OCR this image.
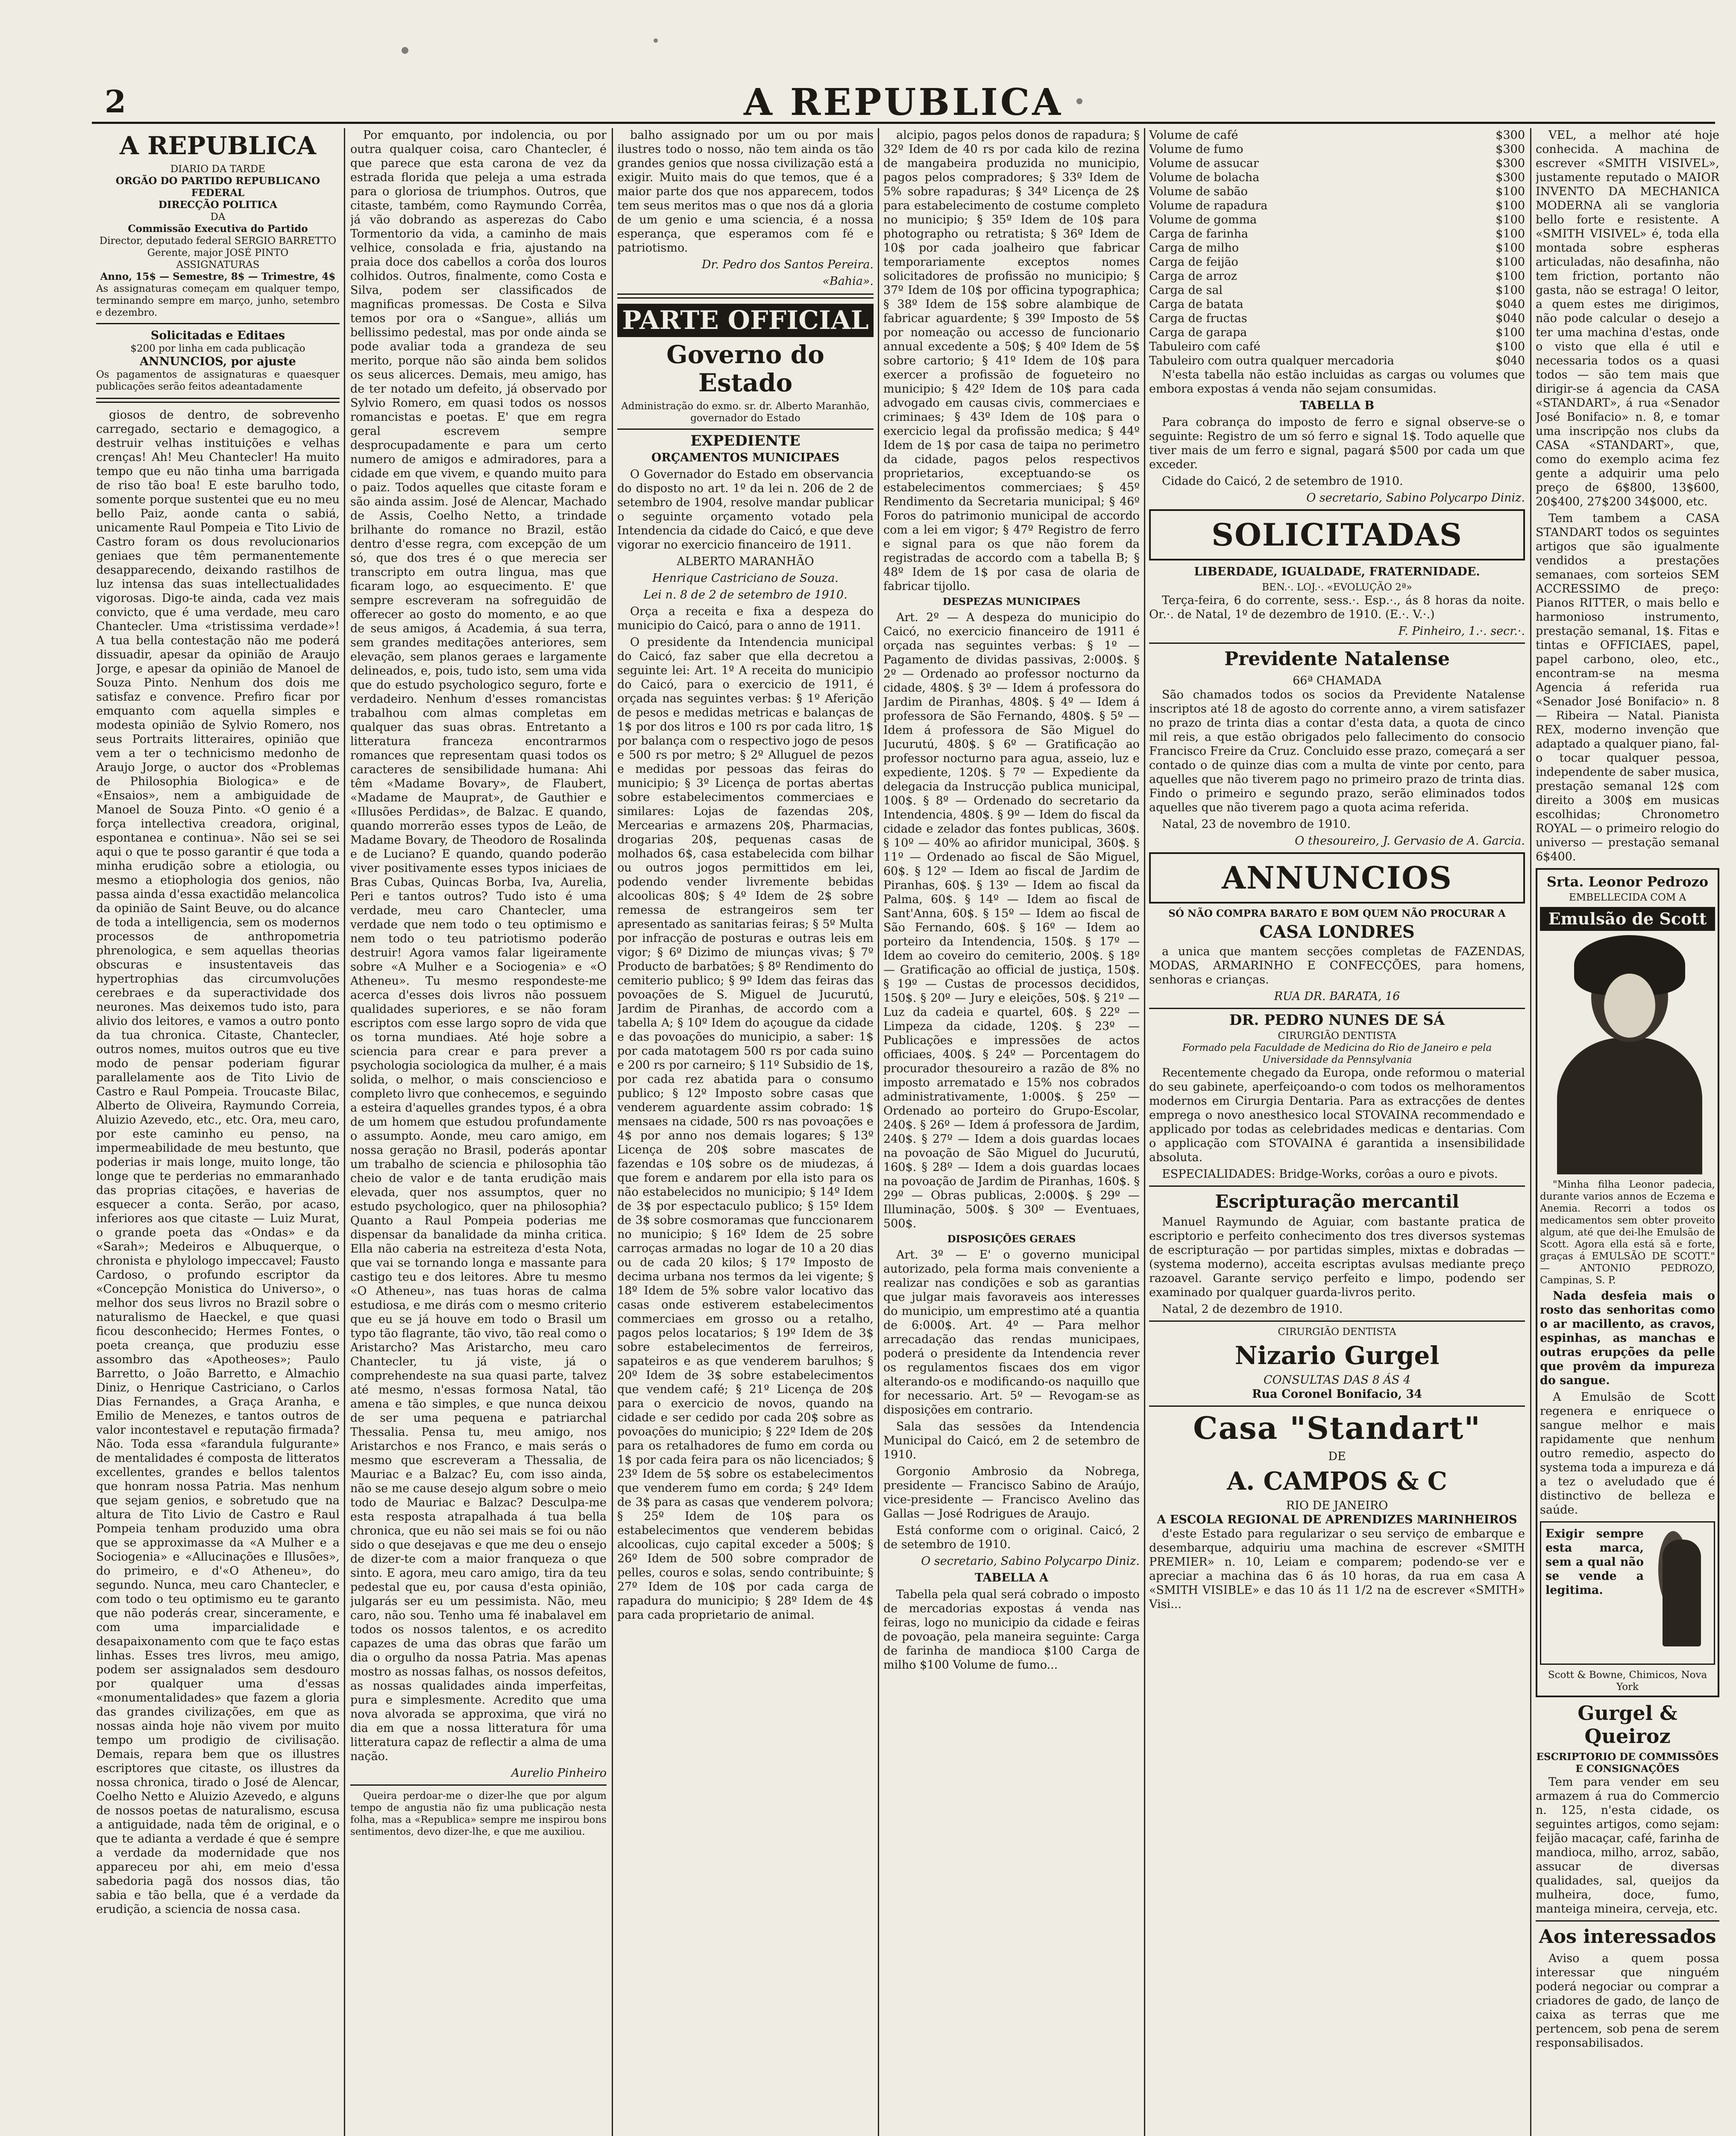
2	A REPUBLICA
A REPUBLICA
DIARIO DA TARDE
ORGÃO DO PARTIDO REPUBLICANO FEDERAL
DIRECÇÃO POLITICA
DA
Commissão Executiva do Partido
Director, deputado federal SERGIO BARRETTO
Gerente, major JOSÉ PINTO
ASSIGNATURAS
Anno, 15$ — Semestre, 8$ — Trimestre, 4$
As assignaturas começam em qualquer tempo, terminando sempre em março, junho, setembro e dezembro.
Solicitadas e Editaes
$200 por linha em cada publicação
ANNUNCIOS, por ajuste
Os pagamentos de assignaturas e quaesquer publicações serão feitos adeantadamente

giosos de dentro, de sobrevenho carregado, sectario e demagogico, a destruir velhas instituições e velhas crenças! Ah! Meu Chantecler! Ha muito tempo que eu não tinha uma barrigada de riso tão boa! E este barulho todo, somente porque sustentei que eu no meu bello Paiz, aonde canta o sabiá, unicamente Raul Pompeia e Tito Livio de Castro foram os dous revolucionarios geniaes que têm permanentemente desapparecendo, deixando rastilhos de luz intensa das suas intellectualidades vigorosas. Digo-te ainda, cada vez mais convicto, que é uma verdade, meu caro Chantecler. Uma «tristissima verdade»! A tua bella contestação não me poderá dissuadir, apesar da opinião de Araujo Jorge, e apesar da opinião de Manoel de Souza Pinto. Nenhum dos dois me satisfaz e convence. Prefiro ficar por emquanto com aquella simples e modesta opinião de Sylvio Romero, nos seus Portraits litteraires, opinião que vem a ter o technicismo medonho de Araujo Jorge, o auctor dos «Problemas de Philosophia Biologica» e de «Ensaios», nem a ambiguidade de Manoel de Souza Pinto. «O genio é a força intellectiva creadora, original, espontanea e continua». Não sei se sei aqui o que te posso garantir é que toda a minha erudição sobre a etiologia, ou mesmo a etiophologia dos genios, não passa ainda d'essa exactidão melancolica da opinião de Saint Beuve, ou do alcance de toda a intelligencia, sem os modernos processos de anthropometria phrenologica, e sem aquellas theorias obscuras e insustentaveis das hypertrophias das circumvoluções cerebraes e da superactividade dos neurones. Mas deixemos tudo isto, para alivio dos leitores, e vamos a outro ponto da tua chronica. Citaste, Chantecler, outros nomes, muitos outros que eu tive modo de pensar poderiam figurar parallelamente aos de Tito Livio de Castro e Raul Pompeia. Troucaste Bilac, Alberto de Oliveira, Raymundo Correia, Aluizio Azevedo, etc., etc. Ora, meu caro, por este caminho eu penso, na impermeabilidade de meu bestunto, que poderias ir mais longe, muito longe, tão longe que te perderias no emmaranhado das proprias citações, e haverias de esquecer a conta. Serão, por acaso, inferiores aos que citaste — Luiz Murat, o grande poeta das «Ondas» e da «Sarah»; Medeiros e Albuquerque, o chronista e phylologo impeccavel; Fausto Cardoso, o profundo escriptor da «Concepção Monistica do Universo», o melhor dos seus livros no Brazil sobre o naturalismo de Haeckel, e que quasi ficou desconhecido; Hermes Fontes, o poeta creança, que produziu esse assombro das «Apotheoses»; Paulo Barretto, o João Barretto, e Almachio Diniz, o Henrique Castriciano, o Carlos Dias Fernandes, a Graça Aranha, e Emilio de Menezes, e tantos outros de valor incontestavel e reputação firmada? Não. Toda essa «farandula fulgurante» de mentalidades é composta de litteratos excellentes, grandes e bellos talentos que honram nossa Patria. Mas nenhum que sejam genios, e sobretudo que na altura de Tito Livio de Castro e Raul Pompeia tenham produzido uma obra que se approximasse da «A Mulher e a Sociogenia» e «Allucinações e Illusões», do primeiro, e d'«O Atheneu», do segundo. Nunca, meu caro Chantecler, e com todo o teu optimismo eu te garanto que não poderás crear, sinceramente, e com uma imparcialidade e desapaixonamento com que te faço estas linhas. Esses tres livros, meu amigo, podem ser assignalados sem desdouro por qualquer uma d'essas «monumentalidades» que fazem a gloria das grandes civilizações, em que as nossas ainda hoje não vivem por muito tempo um prodigio de civilisação. Demais, repara bem que os illustres escriptores que citaste, os illustres da nossa chronica, tirado o José de Alencar, Coelho Netto e Aluizio Azevedo, e alguns de nossos poetas de naturalismo, escusa a antiguidade, nada têm de original, e o que te adianta a verdade é que é sempre a verdade da modernidade que nos appareceu por ahi, em meio d'essa sabedoria pagã dos nossos dias, tão sabia e tão bella, que é a verdade da erudição, a sciencia de nossa casa.

Por emquanto, por indolencia, ou por outra qualquer coisa, caro Chantecler, é que parece que esta carona de vez da estrada florida que peleja a uma estrada para o gloriosa de triumphos. Outros, que citaste, também, como Raymundo Corrêa, já vão dobrando as asperezas do Cabo Tormentorio da vida, a caminho de mais velhice, consolada e fria, ajustando na praia doce dos cabellos a corôa dos louros colhidos. Outros, finalmente, como Costa e Silva, podem ser classificados de magnificas promessas. De Costa e Silva temos por ora o «Sangue», alliás um bellissimo pedestal, mas por onde ainda se pode avaliar toda a grandeza de seu merito, porque não são ainda bem solidos os seus alicerces. Demais, meu amigo, has de ter notado um defeito, já observado por Sylvio Romero, em quasi todos os nossos romancistas e poetas. E' que em regra geral escrevem sempre desprocupadamente e para um certo numero de amigos e admiradores, para a cidade em que vivem, e quando muito para o paiz. Todos aquelles que citaste foram e são ainda assim. José de Alencar, Machado de Assis, Coelho Netto, a trindade brilhante do romance no Brazil, estão dentro d'esse regra, com excepção de um só, que dos tres é o que merecia ser transcripto em outra lingua, mas que ficaram logo, ao esquecimento. E' que sempre escreveram na sofreguidão de offerecer ao gosto do momento, e ao que de seus amigos, á Academia, á sua terra, sem grandes meditações anteriores, sem elevação, sem planos geraes e largamente delineados, e, pois, tudo isto, sem uma vida que do estudo psychologico seguro, forte e verdadeiro. Nenhum d'esses romancistas trabalhou com almas completas em qualquer das suas obras. Entretanto a litteratura franceza encontrarmos romances que representam quasi todos os caracteres de sensibilidade humana: Ahi têm «Madame Bovary», de Flaubert, «Madame de Mauprat», de Gauthier e «Illusões Perdidas», de Balzac. E quando, quando morrerão esses typos de Leão, de Madame Bovary, de Theodoro de Rosalinda e de Luciano? E quando, quando poderão viver positivamente esses typos iniciaes de Bras Cubas, Quincas Borba, Iva, Aurelia, Peri e tantos outros? Tudo isto é uma verdade, meu caro Chantecler, uma verdade que nem todo o teu optimismo e nem todo o teu patriotismo poderão destruir! Agora vamos falar ligeiramente sobre «A Mulher e a Sociogenia» e «O Atheneu». Tu mesmo respondeste-me acerca d'esses dois livros não possuem qualidades superiores, e se não foram escriptos com esse largo sopro de vida que os torna mundiaes. Até hoje sobre a sciencia para crear e para prever a psychologia sociologica da mulher, é a mais solida, o melhor, o mais consciencioso e completo livro que conhecemos, e seguindo a esteira d'aquelles grandes typos, é a obra de um homem que estudou profundamente o assumpto. Aonde, meu caro amigo, em nossa geração no Brasil, poderás apontar um trabalho de sciencia e philosophia tão cheio de valor e de tanta erudição mais elevada, quer nos assumptos, quer no estudo psychologico, quer na philosophia? Quanto a Raul Pompeia poderias me dispensar da banalidade da minha critica. Ella não caberia na estreiteza d'esta Nota, que vai se tornando longa e massante para castigo teu e dos leitores. Abre tu mesmo «O Atheneu», nas tuas horas de calma estudiosa, e me dirás com o mesmo criterio que eu se já houve em todo o Brasil um typo tão flagrante, tão vivo, tão real como o Aristarcho? Mas Aristarcho, meu caro Chantecler, tu já viste, já o comprehendeste na sua quasi parte, talvez até mesmo, n'essas formosa Natal, tão amena e tão simples, e que nunca deixou de ser uma pequena e patriarchal Thessalia. Pensa tu, meu amigo, nos Aristarchos e nos Franco, e mais serás o mesmo que escreveram a Thessalia, de Mauriac e a Balzac? Eu, com isso ainda, não se me cause desejo algum sobre o meio todo de Mauriac e Balzac? Desculpa-me esta resposta atrapalhada á tua bella chronica, que eu não sei mais se foi ou não sido o que desejavas e que me deu o ensejo de dizer-te com a maior franqueza o que sinto. E agora, meu caro amigo, tira da teu pedestal que eu, por causa d'esta opinião, julgarás ser eu um pessimista. Não, meu caro, não sou. Tenho uma fé inabalavel em todos os nossos talentos, e os acredito capazes de uma das obras que farão um dia o orgulho da nossa Patria. Mas apenas mostro as nossas falhas, os nossos defeitos, as nossas qualidades ainda imperfeitas, pura e simplesmente. Acredito que uma nova alvorada se approxima, que virá no dia em que a nossa litteratura fôr uma litteratura capaz de reflectir a alma de uma nação.

Aurelio Pinheiro

Queira perdoar-me o dizer-lhe que por algum tempo de angustia não fiz uma publicação nesta folha, mas a «Republica» sempre me inspirou bons sentimentos, devo dizer-lhe, e que me auxiliou.

balho assignado por um ou por mais ilustres todo o nosso, não tem ainda os tão grandes genios que nossa civilização está a exigir. Muito mais do que temos, que é a maior parte dos que nos apparecem, todos tem seus meritos mas o que nos dá a gloria de um genio e uma sciencia, é a nossa esperança, que esperamos com fé e patriotismo.

Dr. Pedro dos Santos Pereira.

«Bahia».

PARTE OFFICIAL
Governo do Estado
Administração do exmo. sr. dr. Alberto Maranhão, governador do Estado
EXPEDIENTE
ORÇAMENTOS MUNICIPAES

O Governador do Estado em observancia do disposto no art. 1º da lei n. 206 de 2 de setembro de 1904, resolve mandar publicar o seguinte orçamento votado pela Intendencia da cidade do Caicó, e que deve vigorar no exercicio financeiro de 1911.

ALBERTO MARANHÃO

Henrique Castriciano de Souza.

Lei n. 8 de 2 de setembro de 1910.

Orça a receita e fixa a despeza do municipio do Caicó, para o anno de 1911.

O presidente da Intendencia municipal do Caicó, faz saber que ella decretou a seguinte lei: Art. 1º A receita do municipio do Caicó, para o exercicio de 1911, é orçada nas seguintes verbas: § 1º Aferição de pesos e medidas metricas e balanças de 1$ por dos litros e 100 rs por cada litro, 1$ por balança com o respectivo jogo de pesos e 500 rs por metro; § 2º Alluguel de pezos e medidas por pessoas das feiras do municipio; § 3º Licença de portas abertas sobre estabelecimentos commerciaes e similares: Lojas de fazendas 20$, Mercearias e armazens 20$, Pharmacias, drogarias 20$, pequenas casas de molhados 6$, casa estabelecida com bilhar ou outros jogos permittidos em lei, podendo vender livremente bebidas alcoolicas 80$; § 4º Idem de 2$ sobre remessa de estrangeiros sem ter apresentado as sanitarias feiras; § 5º Multa por infracção de posturas e outras leis em vigor; § 6º Dizimo de miunças vivas; § 7º Producto de barbatões; § 8º Rendimento do cemiterio publico; § 9º Idem das feiras das povoações de S. Miguel de Jucurutú, Jardim de Piranhas, de accordo com a tabella A; § 10º Idem do açougue da cidade e das povoações do municipio, a saber: 1$ por cada matotagem 500 rs por cada suino e 200 rs por carneiro; § 11º Subsidio de 1$, por cada rez abatida para o consumo publico; § 12º Imposto sobre casas que venderem aguardente assim cobrado: 1$ mensaes na cidade, 500 rs nas povoações e 4$ por anno nos demais logares; § 13º Licença de 20$ sobre mascates de fazendas e 10$ sobre os de miudezas, á que forem e andarem por ella isto para os não estabelecidos no municipio; § 14º Idem de 3$ por espectaculo publico; § 15º Idem de 3$ sobre cosmoramas que funccionarem no municipio; § 16º Idem de 25 sobre carroças armadas no logar de 10 a 20 dias ou de cada 20 kilos; § 17º Imposto de decima urbana nos termos da lei vigente; § 18º Idem de 5% sobre valor locativo das casas onde estiverem estabelecimentos commerciaes em grosso ou a retalho, pagos pelos locatarios; § 19º Idem de 3$ sobre estabelecimentos de ferreiros, sapateiros e as que venderem barulhos; § 20º Idem de 3$ sobre estabelecimentos que vendem café; § 21º Licença de 20$ para o exercicio de novos, quando na cidade e ser cedido por cada 20$ sobre as povoações do municipio; § 22º Idem de 20$ para os retalhadores de fumo em corda ou 1$ por cada feira para os não licenciados; § 23º Idem de 5$ sobre os estabelecimentos que venderem fumo em corda; § 24º Idem de 3$ para as casas que venderem polvora; § 25º Idem de 10$ para os estabelecimentos que venderem bebidas alcoolicas, cujo capital exceder a 500$; § 26º Idem de 500 sobre comprador de pelles, couros e solas, sendo contribuinte; § 27º Idem de 10$ por cada carga de rapadura do municipio; § 28º Idem de 4$ para cada proprietario de animal.

alcipio, pagos pelos donos de rapadura; § 32º Idem de 40 rs por cada kilo de rezina de mangabeira produzida no municipio, pagos pelos compradores; § 33º Idem de 5% sobre rapaduras; § 34º Licença de 2$ para estabelecimento de costume completo no municipio; § 35º Idem de 10$ para photographo ou retratista; § 36º Idem de 10$ por cada joalheiro que fabricar temporariamente exceptos nomes solicitadores de profissão no municipio; § 37º Idem de 10$ por officina typographica; § 38º Idem de 15$ sobre alambique de fabricar aguardente; § 39º Imposto de 5$ por nomeação ou accesso de funcionario annual excedente a 50$; § 40º Idem de 5$ sobre cartorio; § 41º Idem de 10$ para exercer a profissão de fogueteiro no municipio; § 42º Idem de 10$ para cada advogado em causas civis, commerciaes e criminaes; § 43º Idem de 10$ para o exercicio legal da profissão medica; § 44º Idem de 1$ por casa de taipa no perimetro da cidade, pagos pelos respectivos proprietarios, exceptuando-se os estabelecimentos commerciaes; § 45º Rendimento da Secretaria municipal; § 46º Foros do patrimonio municipal de accordo com a lei em vigor; § 47º Registro de ferro e signal para os que não forem da registradas de accordo com a tabella B; § 48º Idem de 1$ por casa de olaria de fabricar tijollo.

DESPEZAS MUNICIPAES

Art. 2º — A despeza do municipio do Caicó, no exercicio financeiro de 1911 é orçada nas seguintes verbas: § 1º — Pagamento de dividas passivas, 2:000$. § 2º — Ordenado ao professor nocturno da cidade, 480$. § 3º — Idem á professora do Jardim de Piranhas, 480$. § 4º — Idem á professora de São Fernando, 480$. § 5º — Idem á professora de São Miguel do Jucurutú, 480$. § 6º — Gratificação ao professor nocturno para agua, asseio, luz e expediente, 120$. § 7º — Expediente da delegacia da Instrucção publica municipal, 100$. § 8º — Ordenado do secretario da Intendencia, 480$. § 9º — Idem do fiscal da cidade e zelador das fontes publicas, 360$. § 10º — 40% ao afiridor municipal, 360$. § 11º — Ordenado ao fiscal de São Miguel, 60$. § 12º — Idem ao fiscal de Jardim de Piranhas, 60$. § 13º — Idem ao fiscal da Palma, 60$. § 14º — Idem ao fiscal de Sant'Anna, 60$. § 15º — Idem ao fiscal de São Fernando, 60$. § 16º — Idem ao porteiro da Intendencia, 150$. § 17º — Idem ao coveiro do cemiterio, 200$. § 18º — Gratificação ao official de justiça, 150$. § 19º — Custas de processos decididos, 150$. § 20º — Jury e eleições, 50$. § 21º — Luz da cadeia e quartel, 60$. § 22º — Limpeza da cidade, 120$. § 23º — Publicações e impressões de actos officiaes, 400$. § 24º — Porcentagem do procurador thesoureiro a razão de 8% no imposto arrematado e 15% nos cobrados administrativamente, 1:000$. § 25º — Ordenado ao porteiro do Grupo-Escolar, 240$. § 26º — Idem á professora de Jardim, 240$. § 27º — Idem a dois guardas locaes na povoação de São Miguel do Jucurutú, 160$. § 28º — Idem a dois guardas locaes na povoação de Jardim de Piranhas, 160$. § 29º — Obras publicas, 2:000$. § 29º — Illuminação, 500$. § 30º — Eventuaes, 500$.

DISPOSIÇÕES GERAES

Art. 3º — E' o governo municipal autorizado, pela forma mais conveniente a realizar nas condições e sob as garantias que julgar mais favoraveis aos interesses do municipio, um emprestimo até a quantia de 6:000$. Art. 4º — Para melhor arrecadação das rendas municipaes, poderá o presidente da Intendencia rever os regulamentos fiscaes dos em vigor alterando-os e modificando-os naquillo que for necessario. Art. 5º — Revogam-se as disposições em contrario.

Sala das sessões da Intendencia Municipal do Caicó, em 2 de setembro de 1910.

Gorgonio Ambrosio da Nobrega, presidente — Francisco Sabino de Araújo, vice-presidente — Francisco Avelino das Gallas — José Rodrigues de Araujo.

Está conforme com o original. Caicó, 2 de setembro de 1910.

O secretario, Sabino Polycarpo Diniz.

TABELLA A

Tabella pela qual será cobrado o imposto de mercadorias expostas á venda nas feiras, logo no municipio da cidade e feiras de povoação, pela maneira seguinte: Carga de farinha de mandioca $100 Carga de milho $100 Volume de fumo...

Volume de café	$300
Volume de fumo	$300
Volume de assucar	$300
Volume de bolacha	$300
Volume de sabão	$100
Volume de rapadura	$100
Volume de gomma	$100
Carga de farinha	$100
Carga de milho	$100
Carga de feijão	$100
Carga de arroz	$100
Carga de sal	$100
Carga de batata	$040
Carga de fructas	$040
Carga de garapa	$100
Tabuleiro com café	$100
Tabuleiro com outra qualquer mercadoria	$040

N'esta tabella não estão incluidas as cargas ou volumes que embora expostas á venda não sejam consumidas.

TABELLA B

Para cobrança do imposto de ferro e signal observe-se o seguinte: Registro de um só ferro e signal 1$. Todo aquelle que tiver mais de um ferro e signal, pagará $500 por cada um que exceder.

Cidade do Caicó, 2 de setembro de 1910.

O secretario, Sabino Polycarpo Diniz.

SOLICITADAS
LIBERDADE, IGUALDADE, FRATERNIDADE.
BEN.·. LOJ.·. «EVOLUÇÃO 2ª»

Terça-feira, 6 do corrente, sess.·. Esp.·., ás 8 horas da noite. Or.·. de Natal, 1º de dezembro de 1910. (E.·. V.·.)

F. Pinheiro, 1.·. secr.·.

Previdente Natalense
66ª CHAMADA

São chamados todos os socios da Previdente Natalense inscriptos até 18 de agosto do corrente anno, a virem satisfazer no prazo de trinta dias a contar d'esta data, a quota de cinco mil reis, a que estão obrigados pelo fallecimento do consocio Francisco Freire da Cruz. Concluido esse prazo, começará a ser contado o de quinze dias com a multa de vinte por cento, para aquelles que não tiverem pago no primeiro prazo de trinta dias. Findo o primeiro e segundo prazo, serão eliminados todos aquelles que não tiverem pago a quota acima referida.

Natal, 23 de novembro de 1910.

O thesoureiro, J. Gervasio de A. Garcia.

ANNUNCIOS
SÓ NÃO COMPRA BARATO E BOM QUEM NÃO PROCURAR A
CASA LONDRES

a unica que mantem secções completas de FAZENDAS, MODAS, ARMARINHO E CONFECÇÕES, para homens, senhoras e crianças.

RUA DR. BARATA, 16
DR. PEDRO NUNES DE SÁ
CIRURGIÃO DENTISTA
Formado pela Faculdade de Medicina do Rio de Janeiro e pela Universidade da Pennsylvania

Recentemente chegado da Europa, onde reformou o material do seu gabinete, aperfeiçoando-o com todos os melhoramentos modernos em Cirurgia Dentaria. Para as extracções de dentes emprega o novo anesthesico local STOVAINA recommendado e applicado por todas as celebridades medicas e dentarias. Com o applicação com STOVAINA é garantida a insensibilidade absoluta.

ESPECIALIDADES: Bridge-Works, corôas a ouro e pivots.

Escripturação mercantil

Manuel Raymundo de Aguiar, com bastante pratica de escriptorio e perfeito conhecimento dos tres diversos systemas de escripturação — por partidas simples, mixtas e dobradas — (systema moderno), acceita escriptas avulsas mediante preço razoavel. Garante serviço perfeito e limpo, podendo ser examinado por qualquer guarda-livros perito.

Natal, 2 de dezembro de 1910.

CIRURGIÃO DENTISTA
Nizario Gurgel
CONSULTAS DAS 8 ÁS 4
Rua Coronel Bonifacio, 34
Casa "Standart"
DE
A. CAMPOS & C
RIO DE JANEIRO
A ESCOLA REGIONAL DE APRENDIZES MARINHEIROS

d'este Estado para regularizar o seu serviço de embarque e desembarque, adquiriu uma machina de escrever «SMITH PREMIER» n. 10, Leiam e comparem; podendo-se ver e apreciar a machina das 6 ás 10 horas, da rua em casa A «SMITH VISIBLE» e das 10 ás 11 1/2 na de escrever «SMITH» Visi...

VEL, a melhor até hoje conhecida. A machina de escrever «SMITH VISIVEL», justamente reputado o MAIOR INVENTO DA MECHANICA MODERNA ali se vangloria bello forte e resistente. A «SMITH VISIVEL» é, toda ella montada sobre espheras articuladas, não desafinha, não tem friction, portanto não gasta, não se estraga! O leitor, a quem estes me dirigimos, não pode calcular o desejo a ter uma machina d'estas, onde o visto que ella é util e necessaria todos os a quasi todos — são tem mais que dirigir-se á agencia da CASA «STANDART», á rua «Senador José Bonifacio» n. 8, e tomar uma inscripção nos clubs da CASA «STANDART», que, como do exemplo acima fez gente a adquirir uma pelo preço de 6$800, 13$600, 20$400, 27$200 34$000, etc.

Tem tambem a CASA STANDART todos os seguintes artigos que são igualmente vendidos a prestações semanaes, com sorteios SEM ACCRESSIMO de preço: Pianos RITTER, o mais bello e harmonioso instrumento, prestação semanal, 1$. Fitas e tintas e OFFICIAES, papel, papel carbono, oleo, etc., encontram-se na mesma Agencia á referida rua «Senador José Bonifacio» n. 8 — Ribeira — Natal. Pianista REX, moderno invenção que adaptado a qualquer piano, fal-o tocar qualquer pessoa, independente de saber musica, prestação semanal 12$ com direito a 300$ em musicas escolhidas; Chronometro ROYAL — o primeiro relogio do universo — prestação semanal 6$400.

Srta. Leonor Pedrozo
EMBELLECIDA COM A
Emulsão de Scott

"Minha filha Leonor padecia, durante varios annos de Eczema e Anemia. Recorri a todos os medicamentos sem obter proveito algum, até que dei-lhe Emulsão de Scott. Agora ella está sã e forte, graças á EMULSÃO DE SCOTT." — ANTONIO PEDROZO, Campinas, S. P.

Nada desfeia mais o rosto das senhoritas como o ar macillento, as cravos, espinhas, as manchas e outras erupções da pelle que provêm da impureza do sangue.

A Emulsão de Scott regenera e enriquece o sangue melhor e mais rapidamente que nenhum outro remedio, aspecto do systema toda a impureza e dá a tez o aveludado que é distinctivo de belleza e saúde.

Exigir sempre esta marca, sem a qual não se vende a legitima.

Scott & Bowne, Chimicos, Nova York
Gurgel & Queiroz
ESCRIPTORIO DE COMMISSÕES E CONSIGNAÇÕES

Tem para vender em seu armazem á rua do Commercio n. 125, n'esta cidade, os seguintes artigos, como sejam: feijão macaçar, café, farinha de mandioca, milho, arroz, sabão, assucar de diversas qualidades, sal, queijos da mulheira, doce, fumo, manteiga mineira, cerveja, etc.

Aos interessados

Aviso a quem possa interessar que ninguém poderá negociar ou comprar a criadores de gado, de lanço de caixa as terras que me pertencem, sob pena de serem responsabilisados.
